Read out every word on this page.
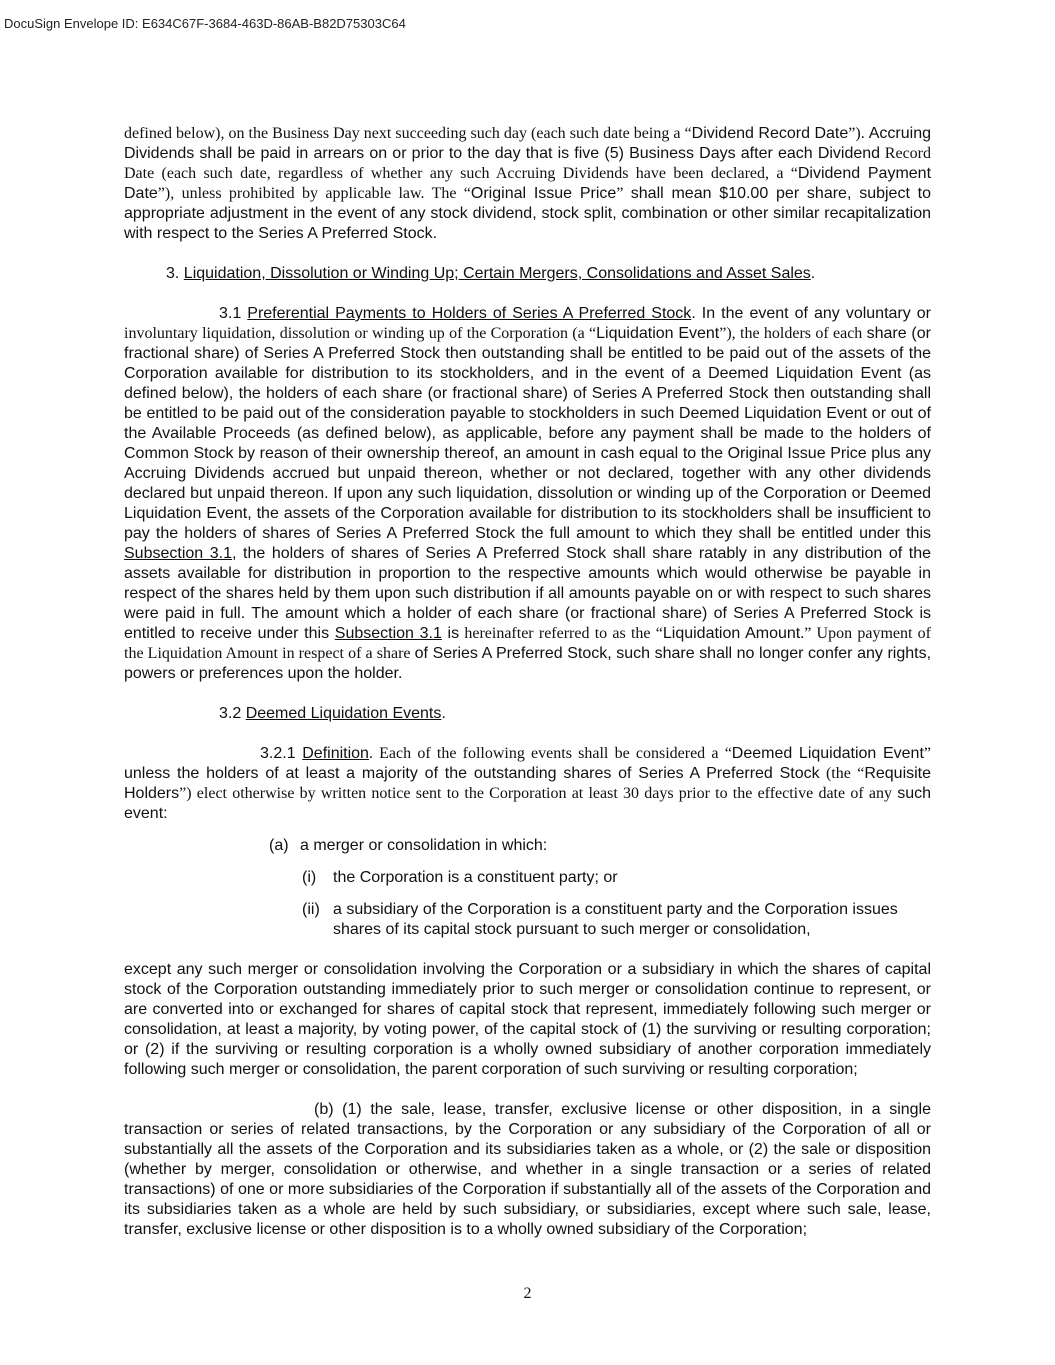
DocuSign Envelope ID: E634C67F-3684-463D-86AB-B82D75303C64

defined below), on the Business Day next succeeding such day (each such date being a “Dividend Record Date”). Accruing Dividends shall be paid in arrears on or prior to the day that is five (5) Business Days after each Dividend Record Date (each such date, regardless of whether any such Accruing Dividends have been declared, a “Dividend Payment Date”), unless prohibited by applicable law. The “Original Issue Price” shall mean $10.00 per share, subject to appropriate adjustment in the event of any stock dividend, stock split, combination or other similar recapitalization with respect to the Series A Preferred Stock.

3. Liquidation, Dissolution or Winding Up; Certain Mergers, Consolidations and Asset Sales.

3.1 Preferential Payments to Holders of Series A Preferred Stock. In the event of any voluntary or involuntary liquidation, dissolution or winding up of the Corporation (a “Liquidation Event”), the holders of each share (or fractional share) of Series A Preferred Stock then outstanding shall be entitled to be paid out of the assets of the Corporation available for distribution to its stockholders, and in the event of a Deemed Liquidation Event (as defined below), the holders of each share (or fractional share) of Series A Preferred Stock then outstanding shall be entitled to be paid out of the consideration payable to stockholders in such Deemed Liquidation Event or out of the Available Proceeds (as defined below), as applicable, before any payment shall be made to the holders of Common Stock by reason of their ownership thereof, an amount in cash equal to the Original Issue Price plus any Accruing Dividends accrued but unpaid thereon, whether or not declared, together with any other dividends declared but unpaid thereon. If upon any such liquidation, dissolution or winding up of the Corporation or Deemed Liquidation Event, the assets of the Corporation available for distribution to its stockholders shall be insufficient to pay the holders of shares of Series A Preferred Stock the full amount to which they shall be entitled under this Subsection 3.1, the holders of shares of Series A Preferred Stock shall share ratably in any distribution of the assets available for distribution in proportion to the respective amounts which would otherwise be payable in respect of the shares held by them upon such distribution if all amounts payable on or with respect to such shares were paid in full. The amount which a holder of each share (or fractional share) of Series A Preferred Stock is entitled to receive under this Subsection 3.1 is hereinafter referred to as the “Liquidation Amount.” Upon payment of the Liquidation Amount in respect of a share of Series A Preferred Stock, such share shall no longer confer any rights, powers or preferences upon the holder.

3.2 Deemed Liquidation Events.

3.2.1 Definition. Each of the following events shall be considered a “Deemed Liquidation Event” unless the holders of at least a majority of the outstanding shares of Series A Preferred Stock (the “Requisite Holders”) elect otherwise by written notice sent to the Corporation at least 30 days prior to the effective date of any such event:

(a) a merger or consolidation in which:

(i) the Corporation is a constituent party; or

(ii) a subsidiary of the Corporation is a constituent party and the Corporation issues shares of its capital stock pursuant to such merger or consolidation,

except any such merger or consolidation involving the Corporation or a subsidiary in which the shares of capital stock of the Corporation outstanding immediately prior to such merger or consolidation continue to represent, or are converted into or exchanged for shares of capital stock that represent, immediately following such merger or consolidation, at least a majority, by voting power, of the capital stock of (1) the surviving or resulting corporation; or (2) if the surviving or resulting corporation is a wholly owned subsidiary of another corporation immediately following such merger or consolidation, the parent corporation of such surviving or resulting corporation;

(b) (1) the sale, lease, transfer, exclusive license or other disposition, in a single transaction or series of related transactions, by the Corporation or any subsidiary of the Corporation of all or substantially all the assets of the Corporation and its subsidiaries taken as a whole, or (2) the sale or disposition (whether by merger, consolidation or otherwise, and whether in a single transaction or a series of related transactions) of one or more subsidiaries of the Corporation if substantially all of the assets of the Corporation and its subsidiaries taken as a whole are held by such subsidiary, or subsidiaries, except where such sale, lease, transfer, exclusive license or other disposition is to a wholly owned subsidiary of the Corporation;

2
